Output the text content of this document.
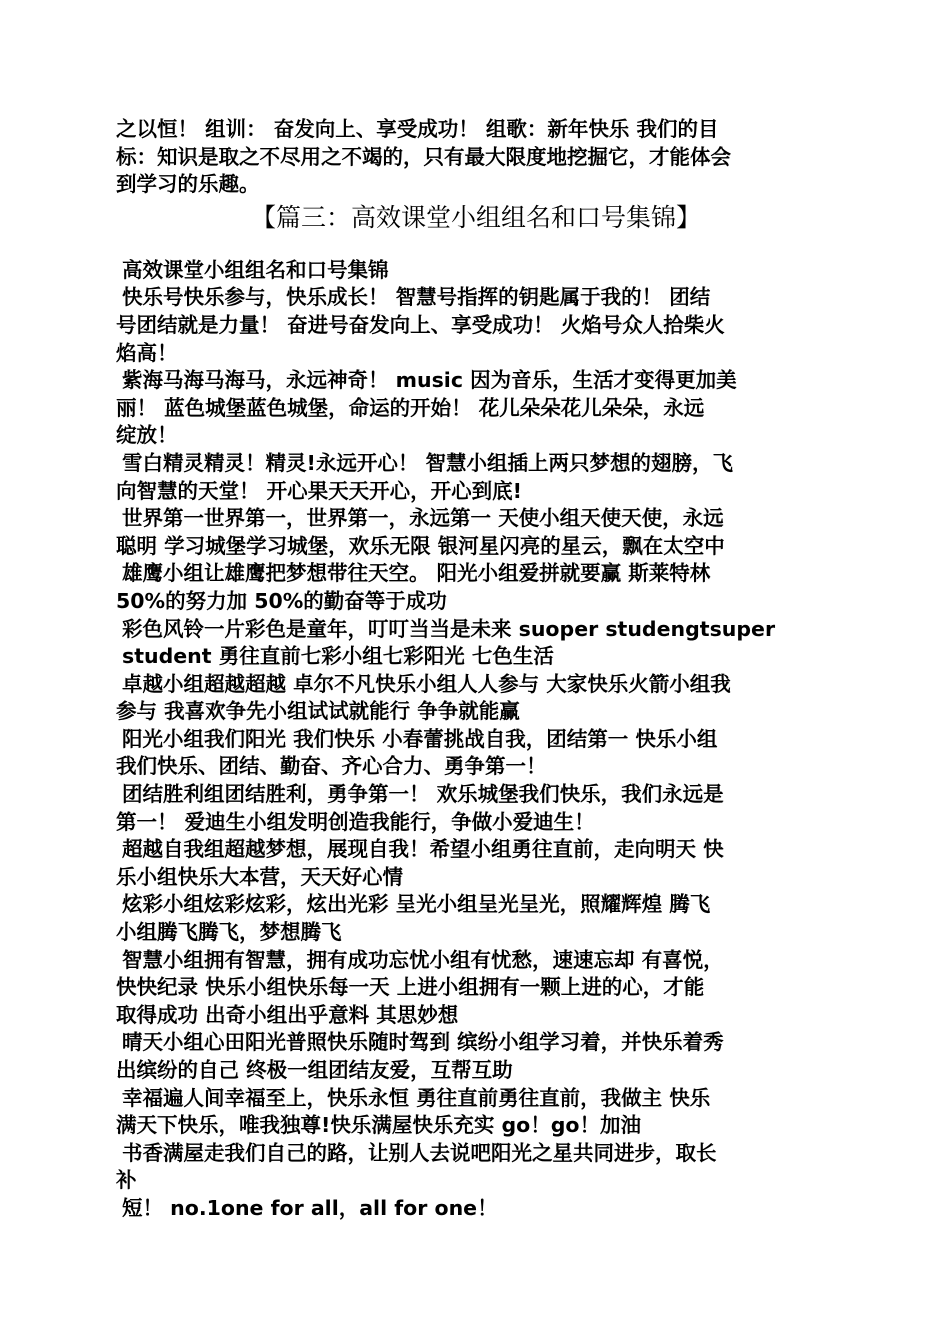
之以恒！ 组训： 奋发向上、享受成功！ 组歌：新年快乐 我们的目
标：知识是取之不尽用之不竭的，只有最大限度地挖掘它，才能体会
到学习的乐趣。
【篇三：高效课堂小组组名和口号集锦】
高效课堂小组组名和口号集锦
快乐号快乐参与，快乐成长！ 智慧号指挥的钥匙属于我的！ 团结
号团结就是力量！ 奋进号奋发向上、享受成功！ 火焰号众人拾柴火
焰高！
紫海马海马海马，永远神奇！ music 因为音乐，生活才变得更加美
丽！ 蓝色城堡蓝色城堡，命运的开始！ 花儿朵朵花儿朵朵，永远
绽放！
雪白精灵精灵！精灵!永远开心！ 智慧小组插上两只梦想的翅膀，飞
向智慧的天堂！ 开心果天天开心，开心到底!
世界第一世界第一，世界第一，永远第一 天使小组天使天使，永远
聪明 学习城堡学习城堡，欢乐无限 银河星闪亮的星云，飘在太空中
雄鹰小组让雄鹰把梦想带往天空。 阳光小组爱拼就要赢 斯莱特林
50%的努力加 50%的勤奋等于成功
彩色风铃一片彩色是童年，叮叮当当是未来 suoper studengtsuper
student 勇往直前七彩小组七彩阳光 七色生活
卓越小组超越超越 卓尔不凡快乐小组人人参与 大家快乐火箭小组我
参与 我喜欢争先小组试试就能行 争争就能赢
阳光小组我们阳光 我们快乐 小春蕾挑战自我，团结第一 快乐小组
我们快乐、团结、勤奋、齐心合力、勇争第一！
团结胜利组团结胜利，勇争第一！ 欢乐城堡我们快乐，我们永远是
第一！ 爱迪生小组发明创造我能行，争做小爱迪生！
超越自我组超越梦想，展现自我！希望小组勇往直前，走向明天 快
乐小组快乐大本营，天天好心情
炫彩小组炫彩炫彩，炫出光彩 呈光小组呈光呈光，照耀辉煌 腾飞
小组腾飞腾飞，梦想腾飞
智慧小组拥有智慧，拥有成功忘忧小组有忧愁，速速忘却 有喜悦，
快快纪录 快乐小组快乐每一天 上进小组拥有一颗上进的心，才能
取得成功 出奇小组出乎意料 其思妙想
晴天小组心田阳光普照快乐随时驾到 缤纷小组学习着，并快乐着秀
出缤纷的自己 终极一组团结友爱，互帮互助
幸福遍人间幸福至上，快乐永恒 勇往直前勇往直前，我做主 快乐
满天下快乐，唯我独尊!快乐满屋快乐充实 go！go！加油
书香满屋走我们自己的路，让别人去说吧阳光之星共同进步，取长
补
短！ no.1one for all，all for one！
